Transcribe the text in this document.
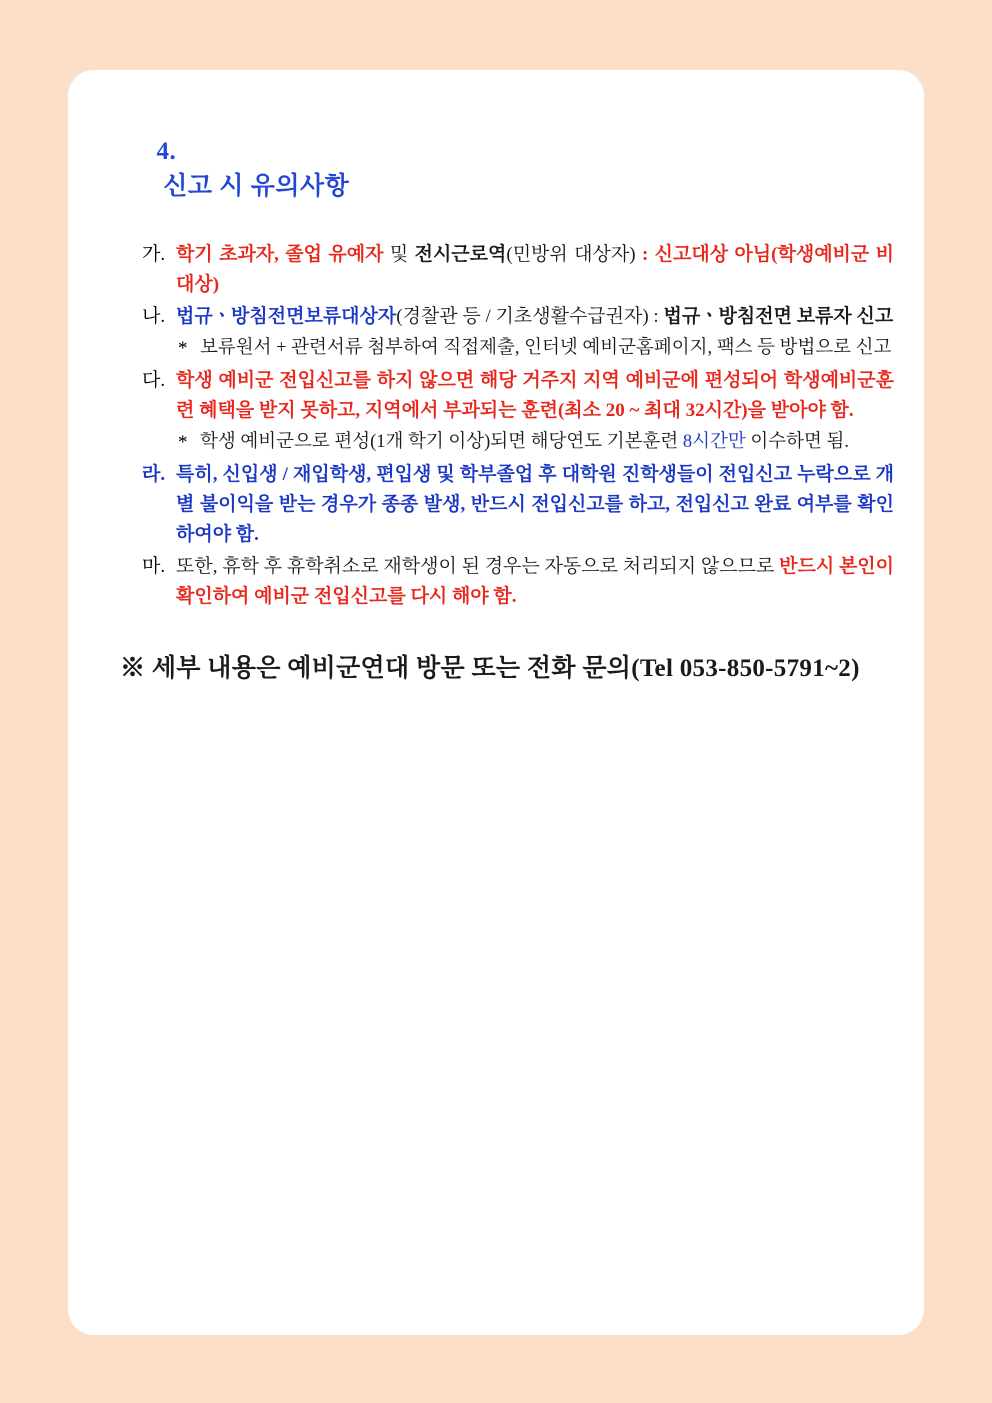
4.
신고 시 유의사항

가. 학기 초과자, 졸업 유예자 및 전시근로역(민방위 대상자) : 신고대상 아님(학생예비군 비대상)
나. 법규ㆍ방침전면보류대상자(경찰관 등 / 기초생활수급권자) : 법규ㆍ방침전면 보류자 신고
* 보류원서 + 관련서류 첨부하여 직접제출, 인터넷 예비군홈페이지, 팩스 등 방법으로 신고
다. 학생 예비군 전입신고를 하지 않으면 해당 거주지 지역 예비군에 편성되어 학생예비군훈련 혜택을 받지 못하고, 지역에서 부과되는 훈련(최소 20 ~ 최대 32시간)을 받아야 함.
* 학생 예비군으로 편성(1개 학기 이상)되면 해당연도 기본훈련 8시간만 이수하면 됨.
라. 특히, 신입생 / 재입학생, 편입생 및 학부졸업 후 대학원 진학생들이 전입신고 누락으로 개별 불이익을 받는 경우가 종종 발생, 반드시 전입신고를 하고, 전입신고 완료 여부를 확인하여야 함.
마. 또한, 휴학 후 휴학취소로 재학생이 된 경우는 자동으로 처리되지 않으므로 반드시 본인이 확인하여 예비군 전입신고를 다시 해야 함.
※ 세부 내용은 예비군연대 방문 또는 전화 문의(Tel 053-850-5791~2)
